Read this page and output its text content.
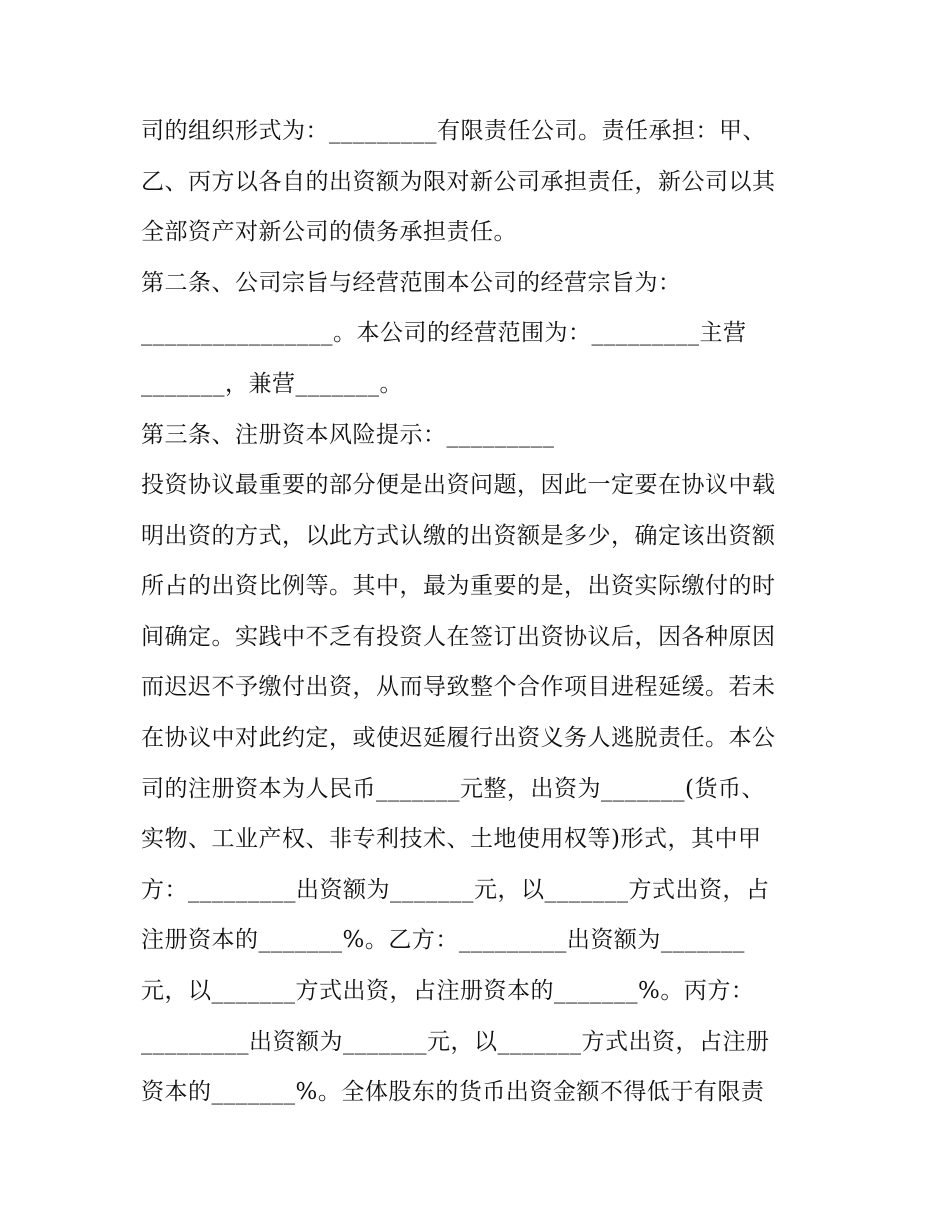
司的组织形式为：_________有限责任公司。责任承担：甲、
乙、丙方以各自的出资额为限对新公司承担责任，新公司以其
全部资产对新公司的债务承担责任。
第二条、公司宗旨与经营范围本公司的经营宗旨为：
________________。本公司的经营范围为：_________主营
_______，兼营_______。
第三条、注册资本风险提示：_________
投资协议最重要的部分便是出资问题，因此一定要在协议中载
明出资的方式，以此方式认缴的出资额是多少，确定该出资额
所占的出资比例等。其中，最为重要的是，出资实际缴付的时
间确定。实践中不乏有投资人在签订出资协议后，因各种原因
而迟迟不予缴付出资，从而导致整个合作项目进程延缓。若未
在协议中对此约定，或使迟延履行出资义务人逃脱责任。本公
司的注册资本为人民币_______元整，出资为_______(货币、
实物、工业产权、非专利技术、土地使用权等)形式，其中甲
方：_________出资额为_______元，以_______方式出资，占
注册资本的_______%。乙方：_________出资额为_______
元，以_______方式出资，占注册资本的_______%。丙方：
_________出资额为_______元，以_______方式出资，占注册
资本的_______%。全体股东的货币出资金额不得低于有限责
